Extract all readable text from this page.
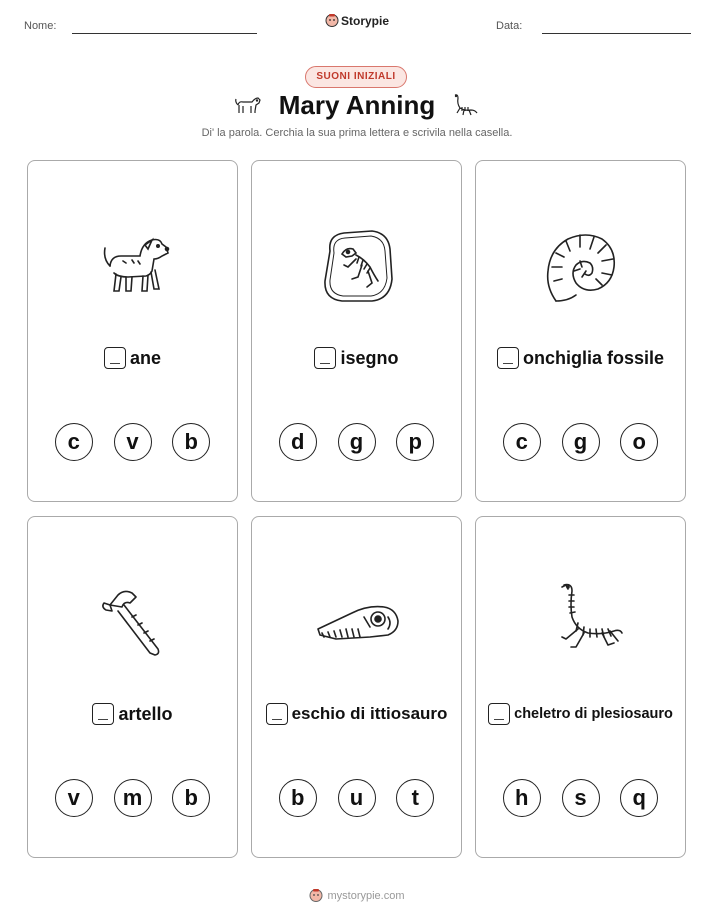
Nome:	Storypie	Data:
SUONI INIZIALI
Mary Anning
Di' la parola. Cerchia la sua prima lettera e scrivila nella casella.
ane
c	v	b
isegno
d	g	p
onchiglia fossile
c	g	o
artello
v	m	b
eschio di ittiosauro
b	u	t
cheletro di plesiosauro
h	s	q
mystorypie.com
